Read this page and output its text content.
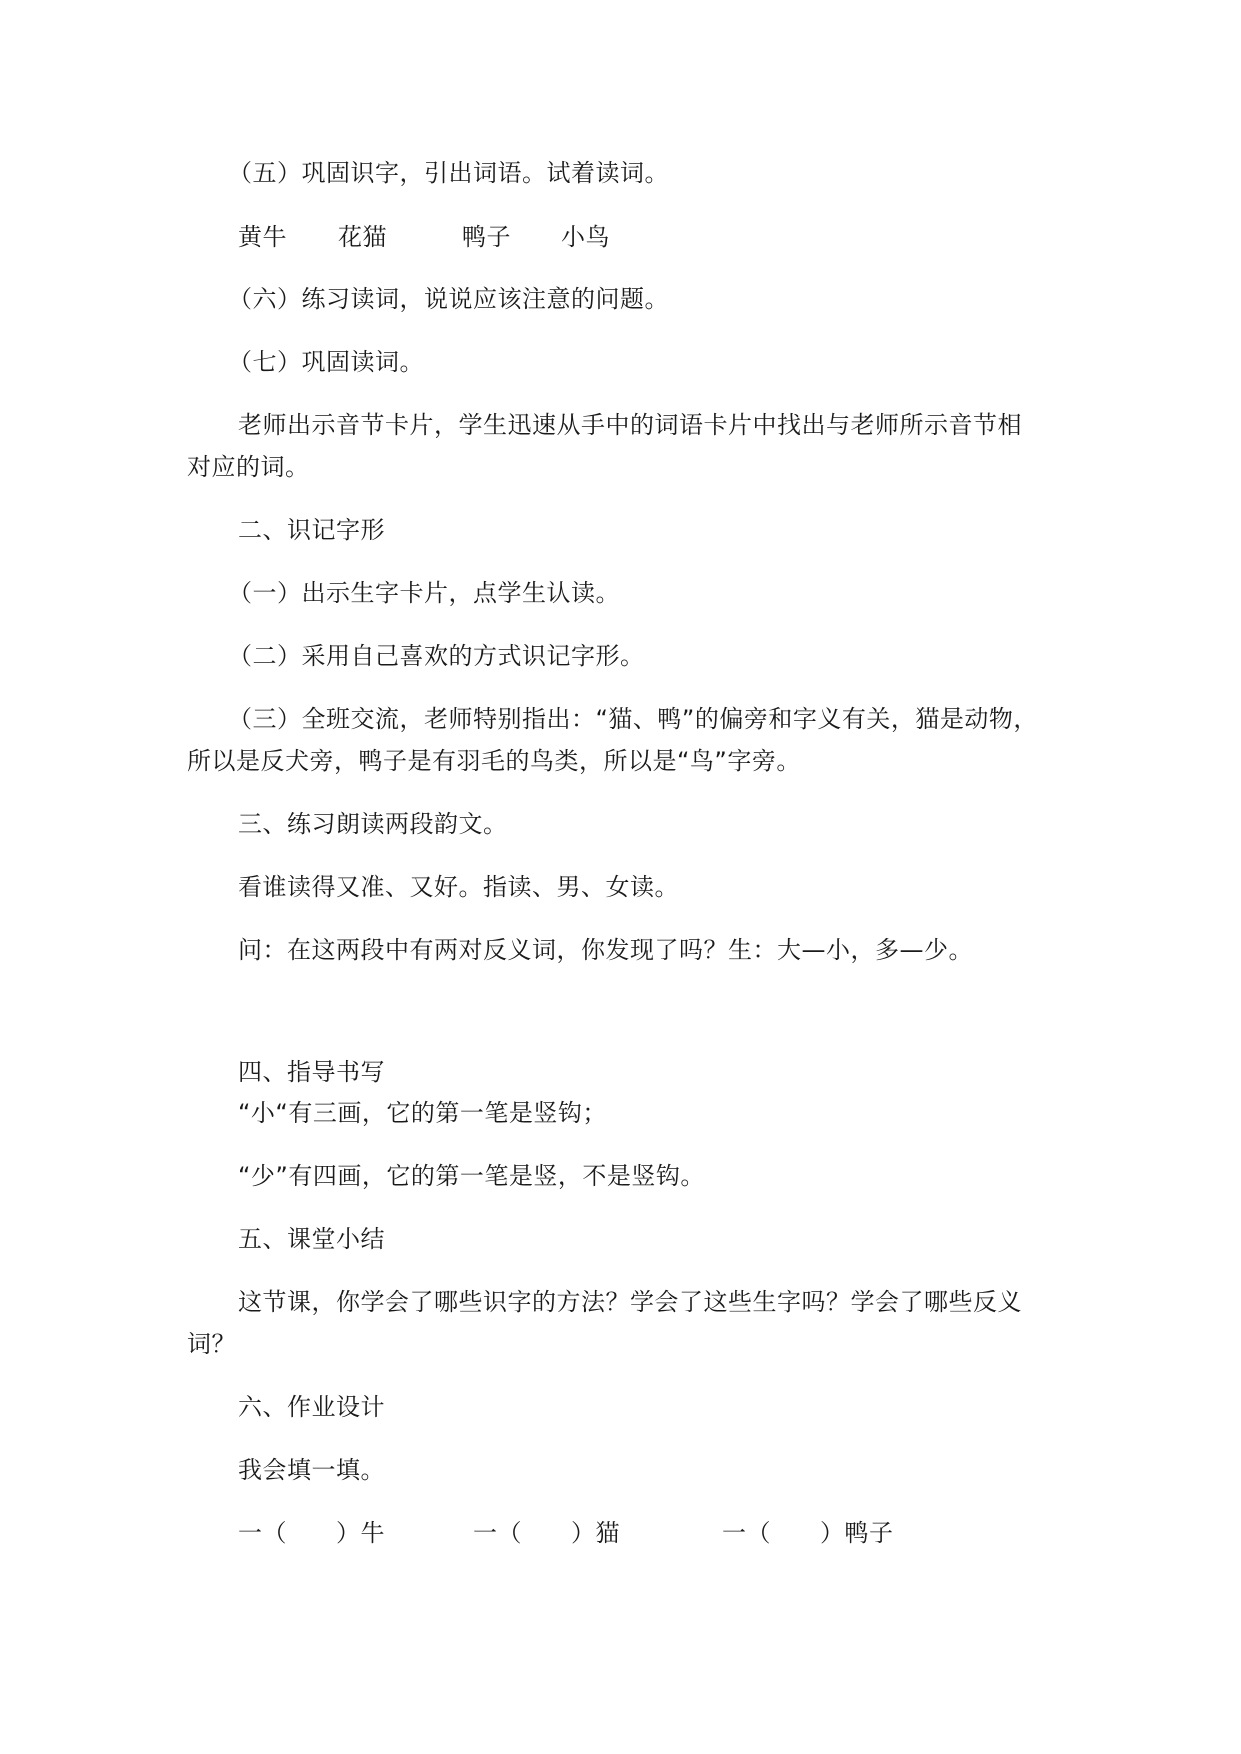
（五）巩固识字，引出词语。试着读词。
黄牛 花猫	鸭子 小鸟
（六）练习读词，说说应该注意的问题。
（七）巩固读词。
老师出示音节卡片，学生迅速从手中的词语卡片中找出与老师所示音节相
对应的词。
二、识记字形
（一）出示生字卡片，点学生认读。
（二）采用自己喜欢的方式识记字形。
（三）全班交流，老师特别指出：“猫、鸭”的偏旁和字义有关，猫是动物，
所以是反犬旁，鸭子是有羽毛的鸟类，所以是“鸟”字旁。
三、练习朗读两段韵文。
看谁读得又准、又好。指读、男、女读。
问：在这两段中有两对反义词，你发现了吗？生：大—小，多—少。
四、指导书写
“小“有三画，它的第一笔是竖钩；
“少”有四画，它的第一笔是竖，不是竖钩。
五、课堂小结
这节课，你学会了哪些识字的方法？学会了这些生字吗？学会了哪些反义
词？
六、作业设计
我会填一填。
一（　　）牛	一（　　）猫	一（　　）鸭子
